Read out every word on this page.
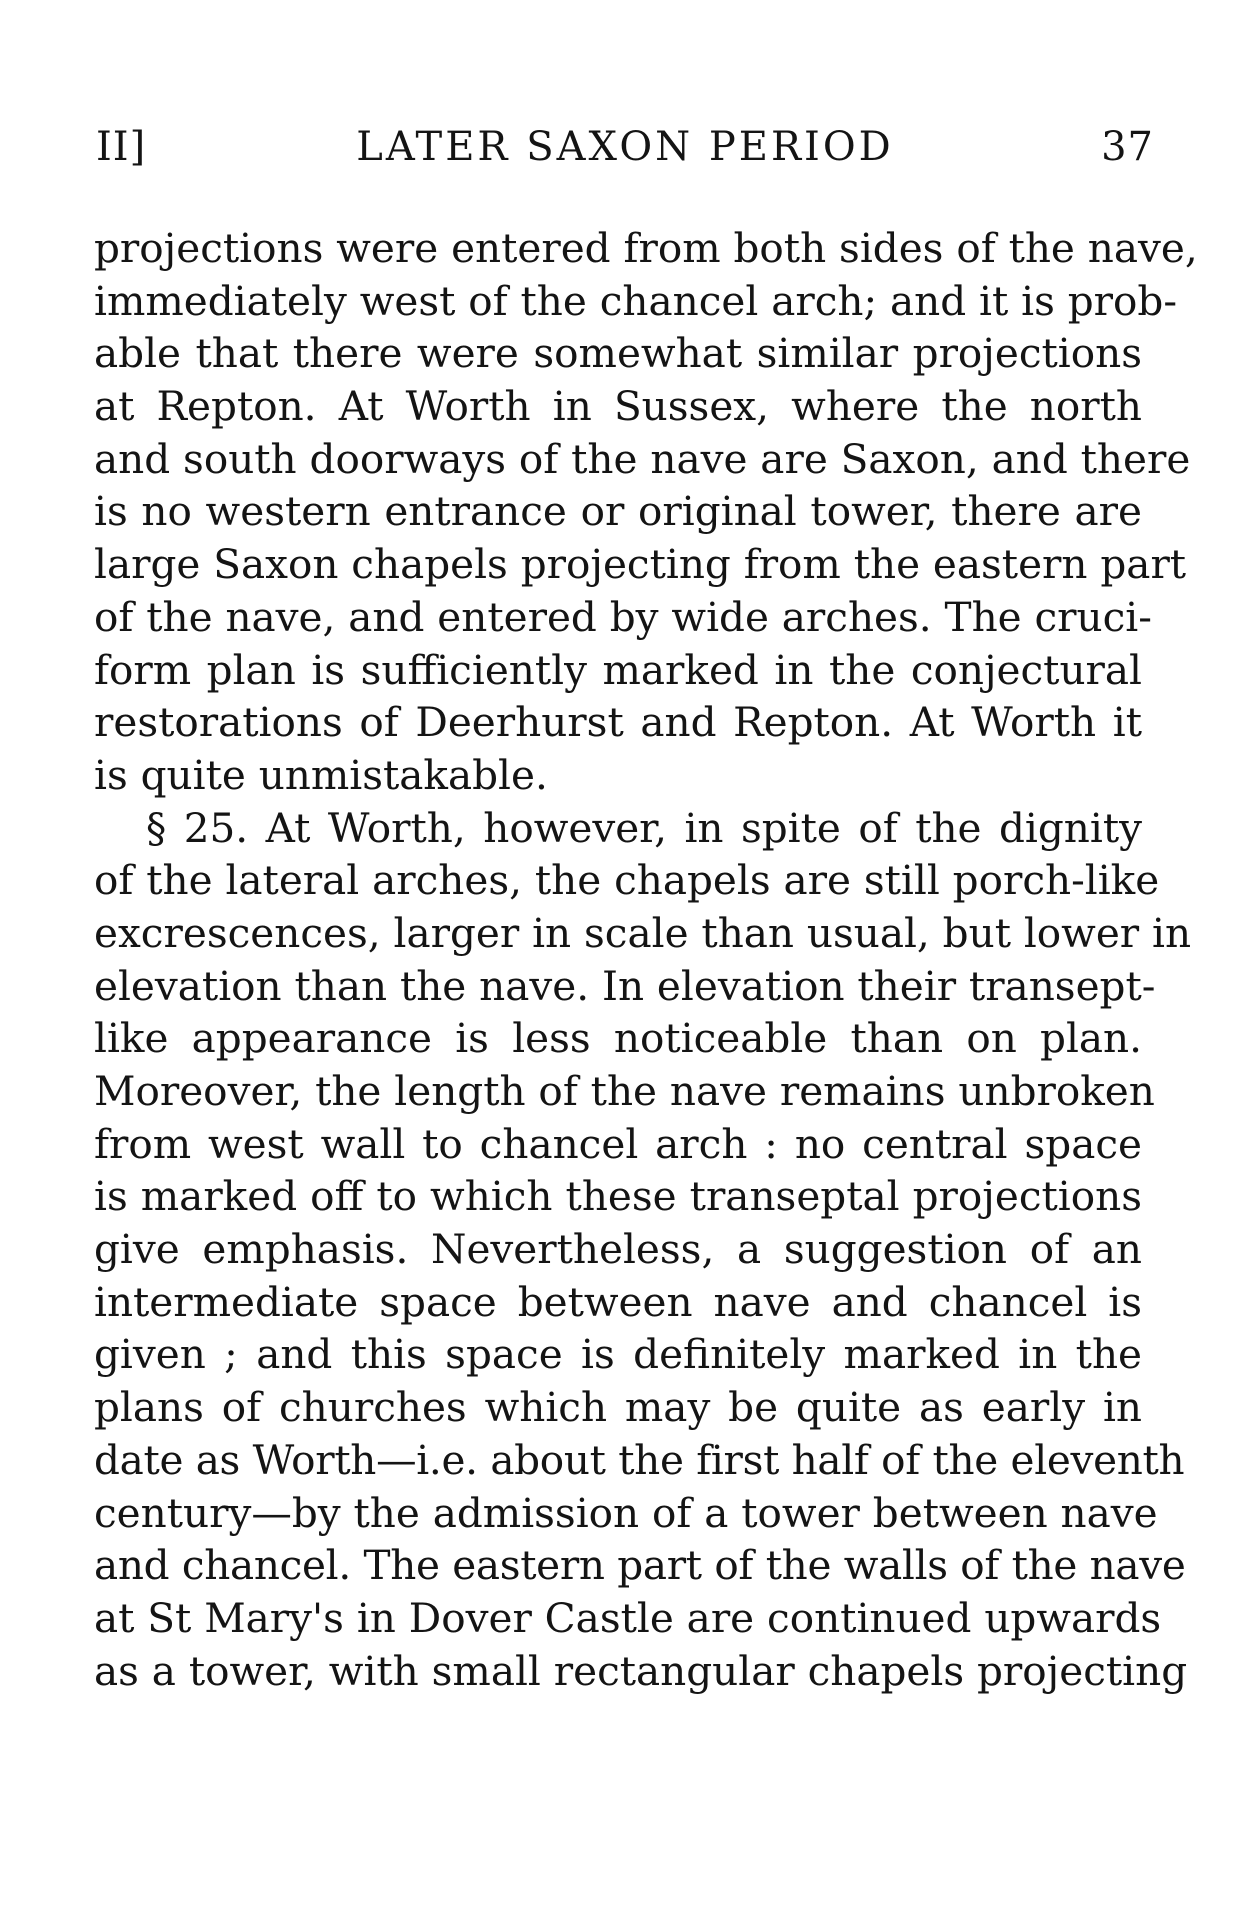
II]	LATER SAXON PERIOD	37
projections were entered from both sides of the nave,
immediately west of the chancel arch; and it is prob-
able that there were somewhat similar projections
at Repton. At Worth in Sussex, where the north
and south doorways of the nave are Saxon, and there
is no western entrance or original tower, there are
large Saxon chapels projecting from the eastern part
of the nave, and entered by wide arches. The cruci-
form plan is sufficiently marked in the conjectural
restorations of Deerhurst and Repton. At Worth it
is quite unmistakable.
§ 25. At Worth, however, in spite of the dignity
of the lateral arches, the chapels are still porch-like
excrescences, larger in scale than usual, but lower in
elevation than the nave. In elevation their transept-
like appearance is less noticeable than on plan.
Moreover, the length of the nave remains unbroken
from west wall to chancel arch : no central space
is marked off to which these transeptal projections
give emphasis. Nevertheless, a suggestion of an
intermediate space between nave and chancel is
given ; and this space is definitely marked in the
plans of churches which may be quite as early in
date as Worth—i.e. about the first half of the eleventh
century—by the admission of a tower between nave
and chancel. The eastern part of the walls of the nave
at St Mary's in Dover Castle are continued upwards
as a tower, with small rectangular chapels projecting
